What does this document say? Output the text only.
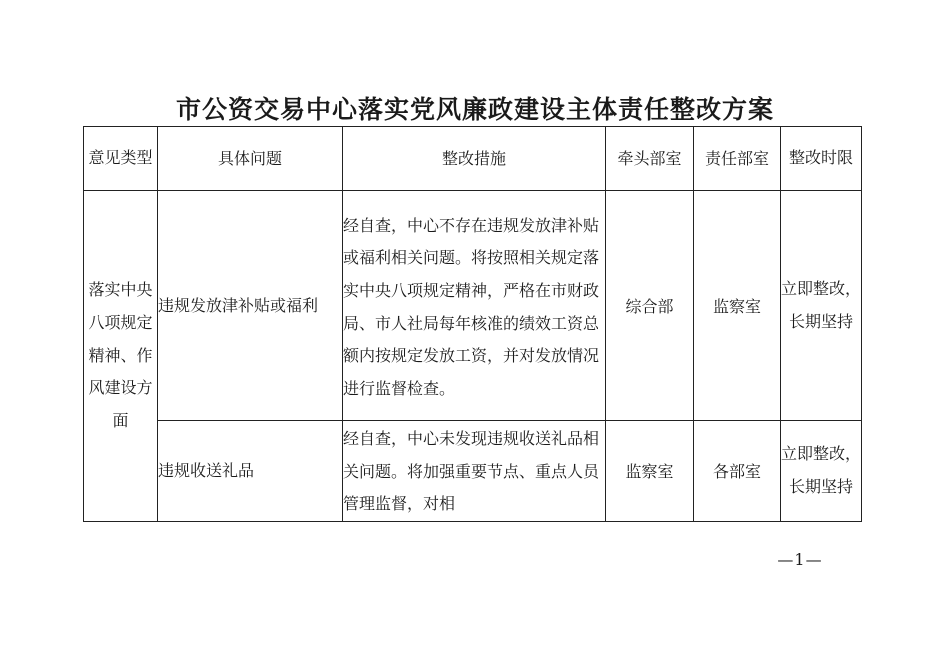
市公资交易中心落实党风廉政建设主体责任整改方案
意见类型	具体问题	整改措施	牵头部室	责任部室	整改时限
落实中央八项规定精神、作风建设方面	违规发放津补贴或福利	经自查，中心不存在违规发放津补贴或福利相关问题。将按照相关规定落实中央八项规定精神，严格在市财政局、市人社局每年核准的绩效工资总额内按规定发放工资，并对发放情况进行监督检查。	综合部	监察室	立即整改，长期坚持
	违规收送礼品	经自查，中心未发现违规收送礼品相关问题。将加强重要节点、重点人员管理监督，对相	监察室	各部室	立即整改，长期坚持
—1—
